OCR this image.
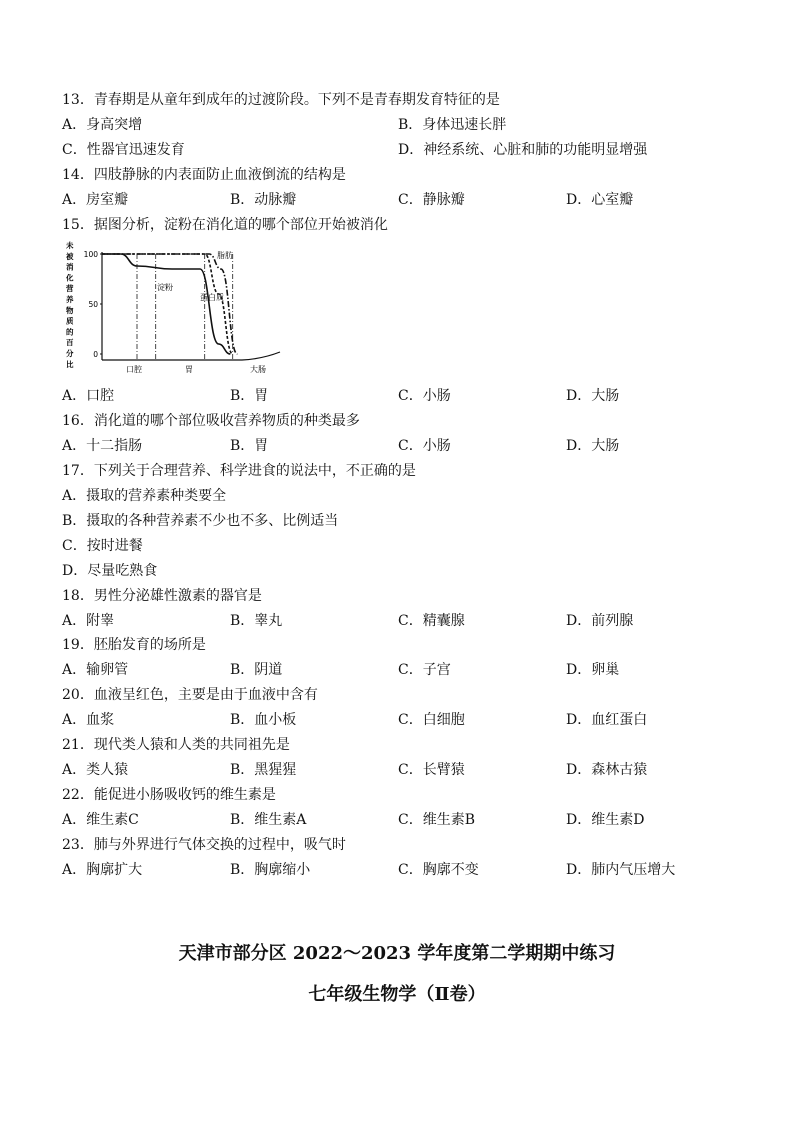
13．青春期是从童年到成年的过渡阶段。下列不是青春期发育特征的是
A．身高突增	B．身体迅速长胖
C．性器官迅速发育	D．神经系统、心脏和肺的功能明显增强
14．四肢静脉的内表面防止血液倒流的结构是
A．房室瓣	B．动脉瓣	C．静脉瓣	D．心室瓣
15．据图分析，淀粉在消化道的哪个部位开始被消化
未被消化营养物质的百分比
100
50
0
蛋白质
淀粉
脂肪
口腔	胃	大肠
A．口腔	B．胃	C．小肠	D．大肠
16．消化道的哪个部位吸收营养物质的种类最多
A．十二指肠	B．胃	C．小肠	D．大肠
17．下列关于合理营养、科学进食的说法中，不正确的是
A．摄取的营养素种类要全
B．摄取的各种营养素不少也不多、比例适当
C．按时进餐
D．尽量吃熟食
18．男性分泌雄性激素的器官是
A．附睾	B．睾丸	C．精囊腺	D．前列腺
19．胚胎发育的场所是
A．输卵管	B．阴道	C．子宫	D．卵巢
20．血液呈红色，主要是由于血液中含有
A．血浆	B．血小板	C．白细胞	D．血红蛋白
21．现代类人猿和人类的共同祖先是
A．类人猿	B．黑猩猩	C．长臂猿	D．森林古猿
22．能促进小肠吸收钙的维生素是
A．维生素C	B．维生素A	C．维生素B	D．维生素D
23．肺与外界进行气体交换的过程中，吸气时
A．胸廓扩大	B．胸廓缩小	C．胸廓不变	D．肺内气压增大
天津市部分区 2022～2023 学年度第二学期期中练习
七年级生物学（Ⅱ卷）
